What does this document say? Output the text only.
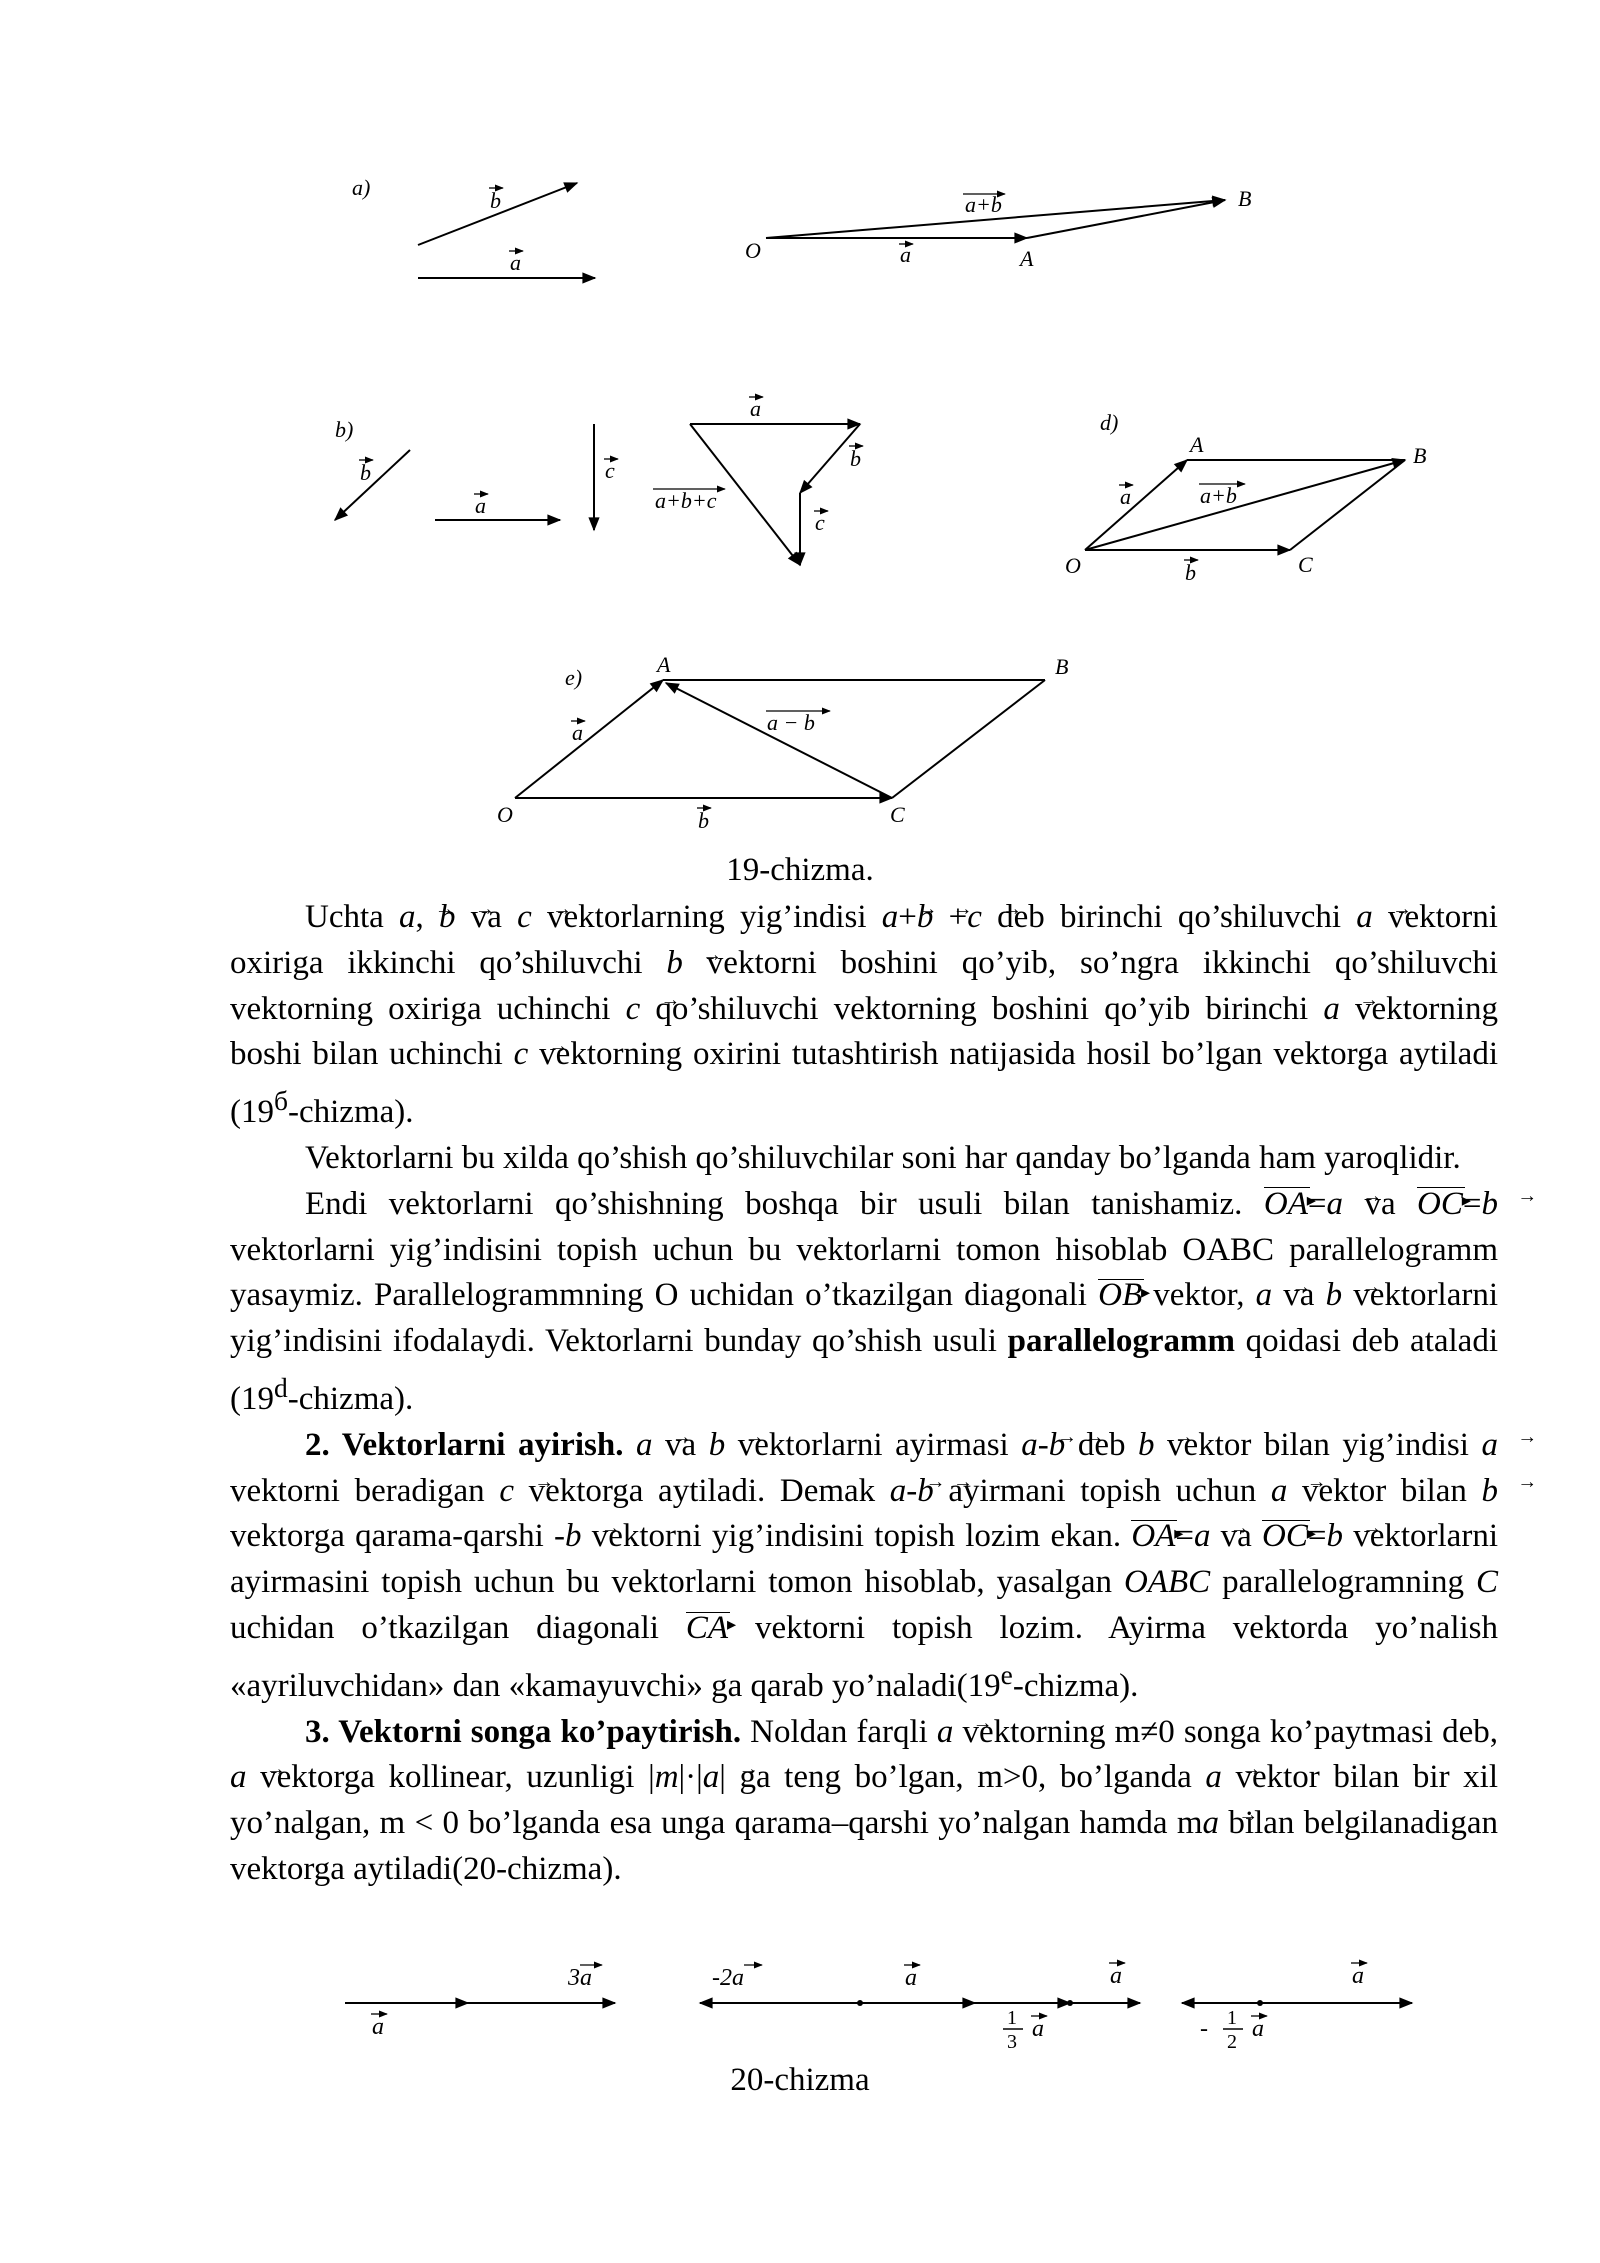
a)
b
a
a+b
O	a	A
B
b)
b
a
c
a
b
a+b+c
c
d)
A	B
a	a+b
O	b	C
e)
A	B
a	a − b
O	b	C
19-chizma.

Uchta → a, → b va → c vektorlarning yig’indisi → a+→ b +→ c deb birinchi qo’shiluvchi → a vektorni oxiriga ikkinchi qo’shiluvchi → b vektorni boshini qo’yib, so’ngra ikkinchi qo’shiluvchi vektorning oxiriga uchinchi → c qo’shiluvchi vektorning boshini qo’yib birinchi → a vektorning boshi bilan uchinchi → c vektorning oxirini tutashtirish natijasida hosil bo’lgan vektorga aytiladi $(19^б-chizma)$.

Vektorlarni bu xilda qo’shish qo’shiluvchilar soni har qanday bo’lganda ham yaroqlidir.

Endi vektorlarni qo’shishning boshqa bir usuli bilan tanishamiz. OA ▸=→ a va OC ▸=→ b vektorlarni yig’indisini topish uchun bu vektorlarni tomon hisoblab OABC parallelogramm yasaymiz. Parallelogrammning O uchidan o’tkazilgan diagonali OB ▸ vektor, → a va → b vektorlarni yig’indisini ifodalaydi. Vektorlarni bunday qo’shish usuli parallelogramm qoidasi deb ataladi (19$^d$-chizma).

2. Vektorlarni ayirish. → a va → b vektorlarni ayirmasi → a-→ b deb → b vektor bilan yig’indisi → a vektorni beradigan → c vektorga aytiladi. Demak → a-→ b ayirmani topish uchun → a vektor bilan → b vektorga qarama-qarshi -→ b vektorni yig’indisini topish lozim ekan. OA ▸=→ a va OC ▸=→ b vektorlarni ayirmasini topish uchun bu vektorlarni tomon hisoblab, yasalgan OABC parallelogramning C uchidan o’tkazilgan diagonali CA ▸ vektorni topish lozim. Ayirma vektorda yo’nalish «ayriluvchidan» dan «kamayuvchi» ga qarab yo’naladi(19e-chizma).

3. Vektorni songa ko’paytirish. Noldan farqli → a vektorning m≠0 songa ko’paytmasi deb, → a vektorga kollinear, uzunligi |m|·|→ a| ga teng bo’lgan, m>0, bo’lganda → a vektor bilan bir xil yo’nalgan, m < 0 bo’lganda esa unga qarama–qarshi yo’nalgan hamda m→ a bilan belgilanadigan vektorga aytiladi(20-chizma).

3a
a
-2a	a	a	a
1
3 a	- 1
2 a
20-chizma
